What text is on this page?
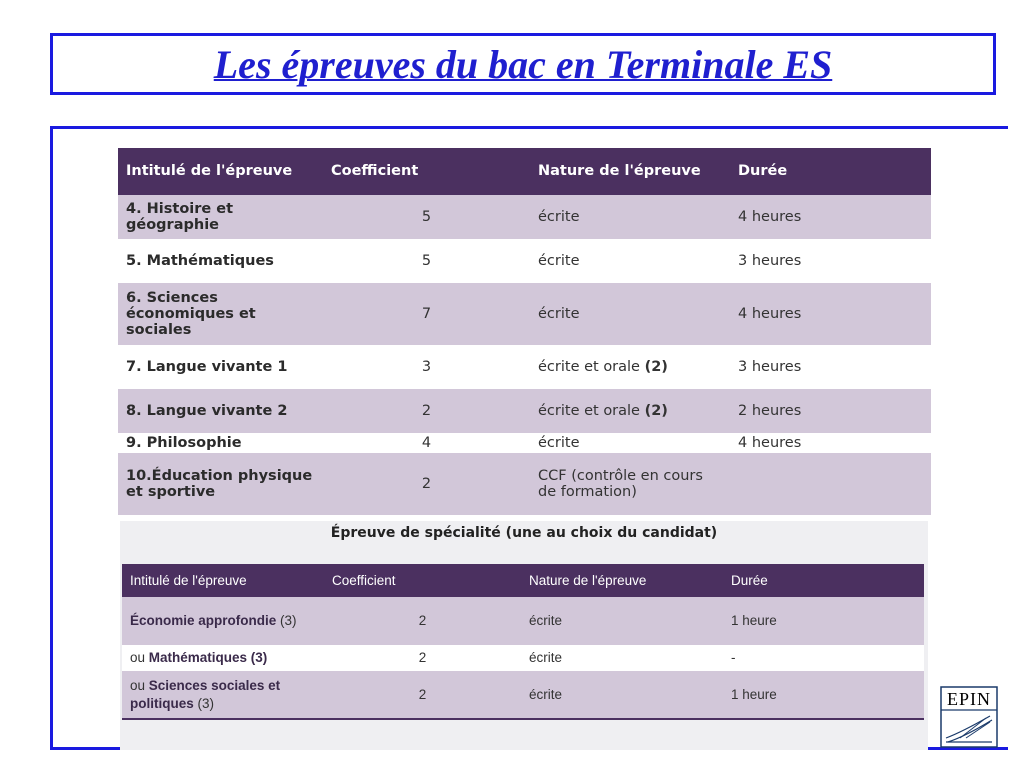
Les épreuves du bac en Terminale ES
Intitulé de l'épreuve	Coefficient	Nature de l'épreuve	Durée
4. Histoire et géographie	5	écrite	4 heures
5. Mathématiques	5	écrite	3 heures
6. Sciences économiques et sociales	7	écrite	4 heures
7. Langue vivante 1	3	écrite et orale (2)	3 heures
8. Langue vivante 2	2	écrite et orale (2)	2 heures
9. Philosophie	4	écrite	4 heures
10.Éducation physique et sportive	2	CCF (contrôle en cours de formation)	
Épreuve de spécialité (une au choix du candidat)
Intitulé de l'épreuve	Coefficient	Nature de l'épreuve	Durée
Économie approfondie (3)	2	écrite	1 heure
ou Mathématiques (3)	2	écrite	-
ou Sciences sociales et politiques (3)	2	écrite	1 heure	EPIN
